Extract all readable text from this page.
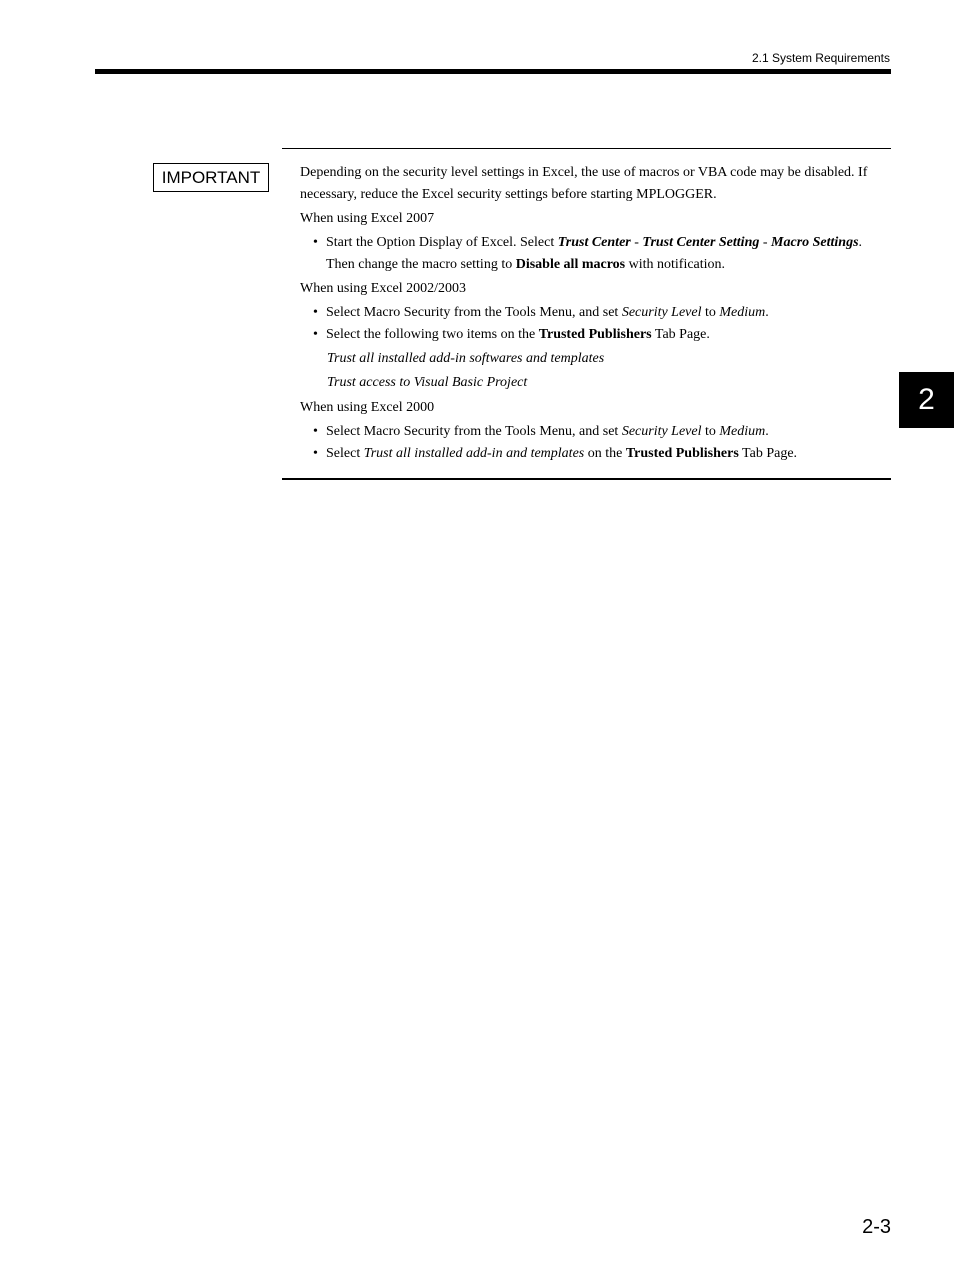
2.1 System Requirements
IMPORTANT	Depending on the security level settings in Excel, the use of macros or VBA code may be disabled. If necessary, reduce the Excel security settings before starting MPLOGGER.

When using Excel 2007

• Start the Option Display of Excel. Select Trust Center - Trust Center Setting - Macro Settings. Then change the macro setting to Disable all macros with notification.

When using Excel 2002/2003

• Select Macro Security from the Tools Menu, and set Security Level to Medium.
• Select the following two items on the Trusted Publishers Tab Page.

Trust all installed add-in softwares and templates

Trust access to Visual Basic Project

When using Excel 2000

• Select Macro Security from the Tools Menu, and set Security Level to Medium.
• Select Trust all installed add-in and templates on the Trusted Publishers Tab Page.
2
2-3
